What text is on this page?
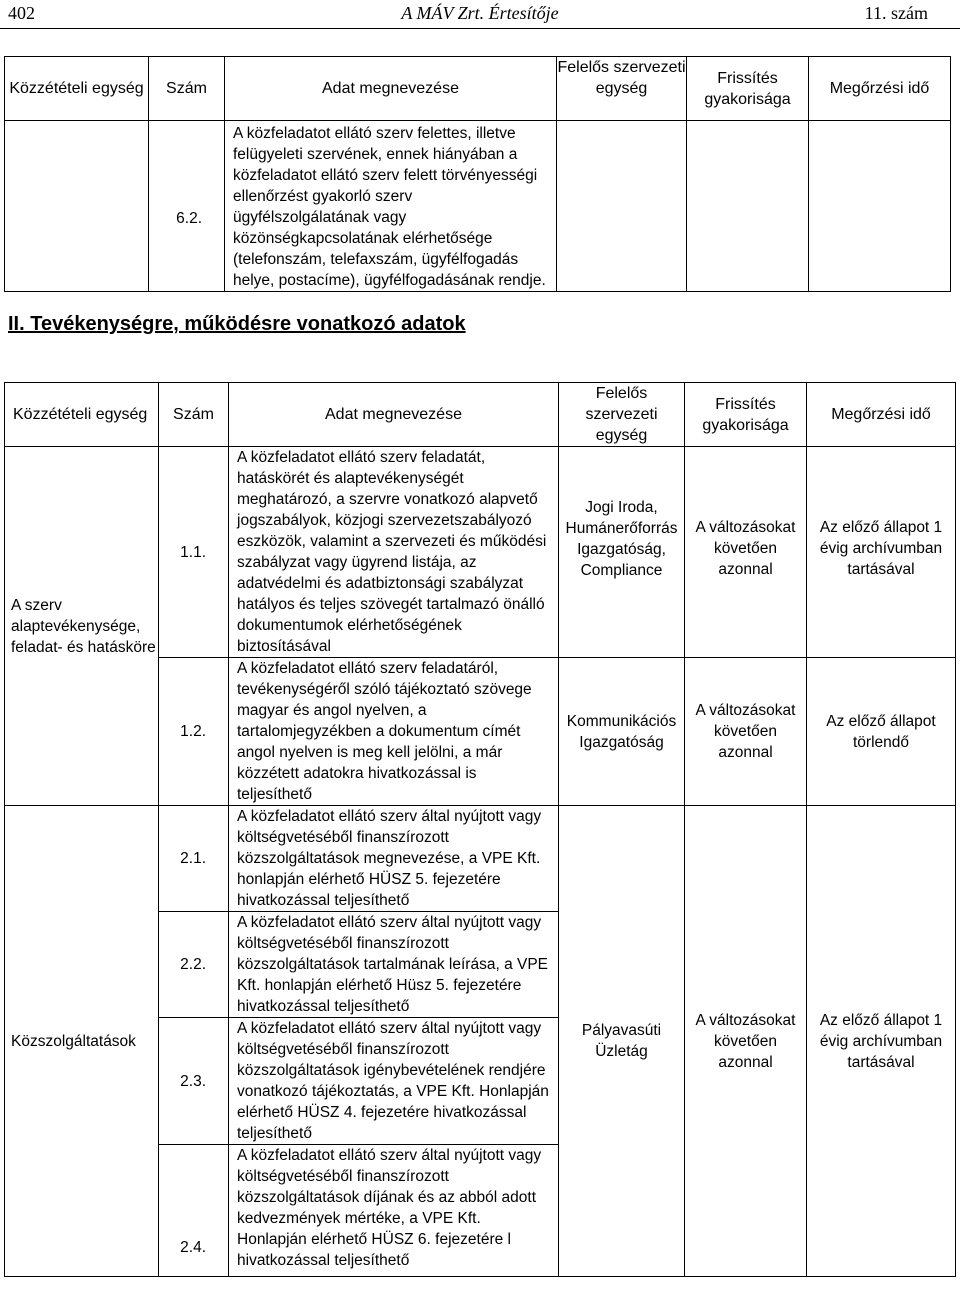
402	A MÁV Zrt. Értesítője	11. szám
Közzétételi egység	Szám	Adat megnevezése	Felelős szervezeti egység	Frissítés gyakorisága	Megőrzési idő
	6.2.	A közfeladatot ellátó szerv felettes, illetve felügyeleti szervének, ennek hiányában a közfeladatot ellátó szerv felett törvényességi ellenőrzést gyakorló szerv ügyfélszolgálatának vagy közönségkapcsolatának elérhetősége (telefonszám, telefaxszám, ügyfélfogadás helye, postacíme), ügyfélfogadásának rendje.			
II. Tevékenységre, működésre vonatkozó adatok
Közzétételi egység	Szám	Adat megnevezése	Felelős szervezeti egység	Frissítés gyakorisága	Megőrzési idő
A szerv alaptevékenysége, feladat- és hatásköre	1.1.	A közfeladatot ellátó szerv feladatát, hatáskörét és alaptevékenységét meghatározó, a szervre vonatkozó alapvető jogszabályok, közjogi szervezetszabályozó eszközök, valamint a szervezeti és működési szabályzat vagy ügyrend listája, az adatvédelmi és adatbiztonsági szabályzat hatályos és teljes szövegét tartalmazó önálló dokumentumok elérhetőségének biztosításával	Jogi Iroda, Humánerőforrás Igazgatóság, Compliance	A változásokat követően azonnal	Az előző állapot 1 évig archívumban tartásával
	1.2.	A közfeladatot ellátó szerv feladatáról, tevékenységéről szóló tájékoztató szövege magyar és angol nyelven, a tartalomjegyzékben a dokumentum címét angol nyelven is meg kell jelölni, a már közzétett adatokra hivatkozással is teljesíthető	Kommunikációs Igazgatóság	A változásokat követően azonnal	Az előző állapot törlendő
Közszolgáltatások	2.1.	A közfeladatot ellátó szerv által nyújtott vagy költségvetéséből finanszírozott közszolgáltatások megnevezése, a VPE Kft. honlapján elérhető HÜSZ 5. fejezetére hivatkozással teljesíthető	Pályavasúti Üzletág	A változásokat követően azonnal	Az előző állapot 1 évig archívumban tartásával
	2.2.	A közfeladatot ellátó szerv által nyújtott vagy költségvetéséből finanszírozott közszolgáltatások tartalmának leírása, a VPE Kft. honlapján elérhető Hüsz 5. fejezetére hivatkozással teljesíthető			
	2.3.	A közfeladatot ellátó szerv által nyújtott vagy költségvetéséből finanszírozott közszolgáltatások igénybevételének rendjére vonatkozó tájékoztatás, a VPE Kft. Honlapján elérhető HÜSZ 4. fejezetére hivatkozással teljesíthető			
	2.4.	A közfeladatot ellátó szerv által nyújtott vagy költségvetéséből finanszírozott közszolgáltatások díjának és az abból adott kedvezmények mértéke, a VPE Kft. Honlapján elérhető HÜSZ 6. fejezetére l hivatkozással teljesíthető			
